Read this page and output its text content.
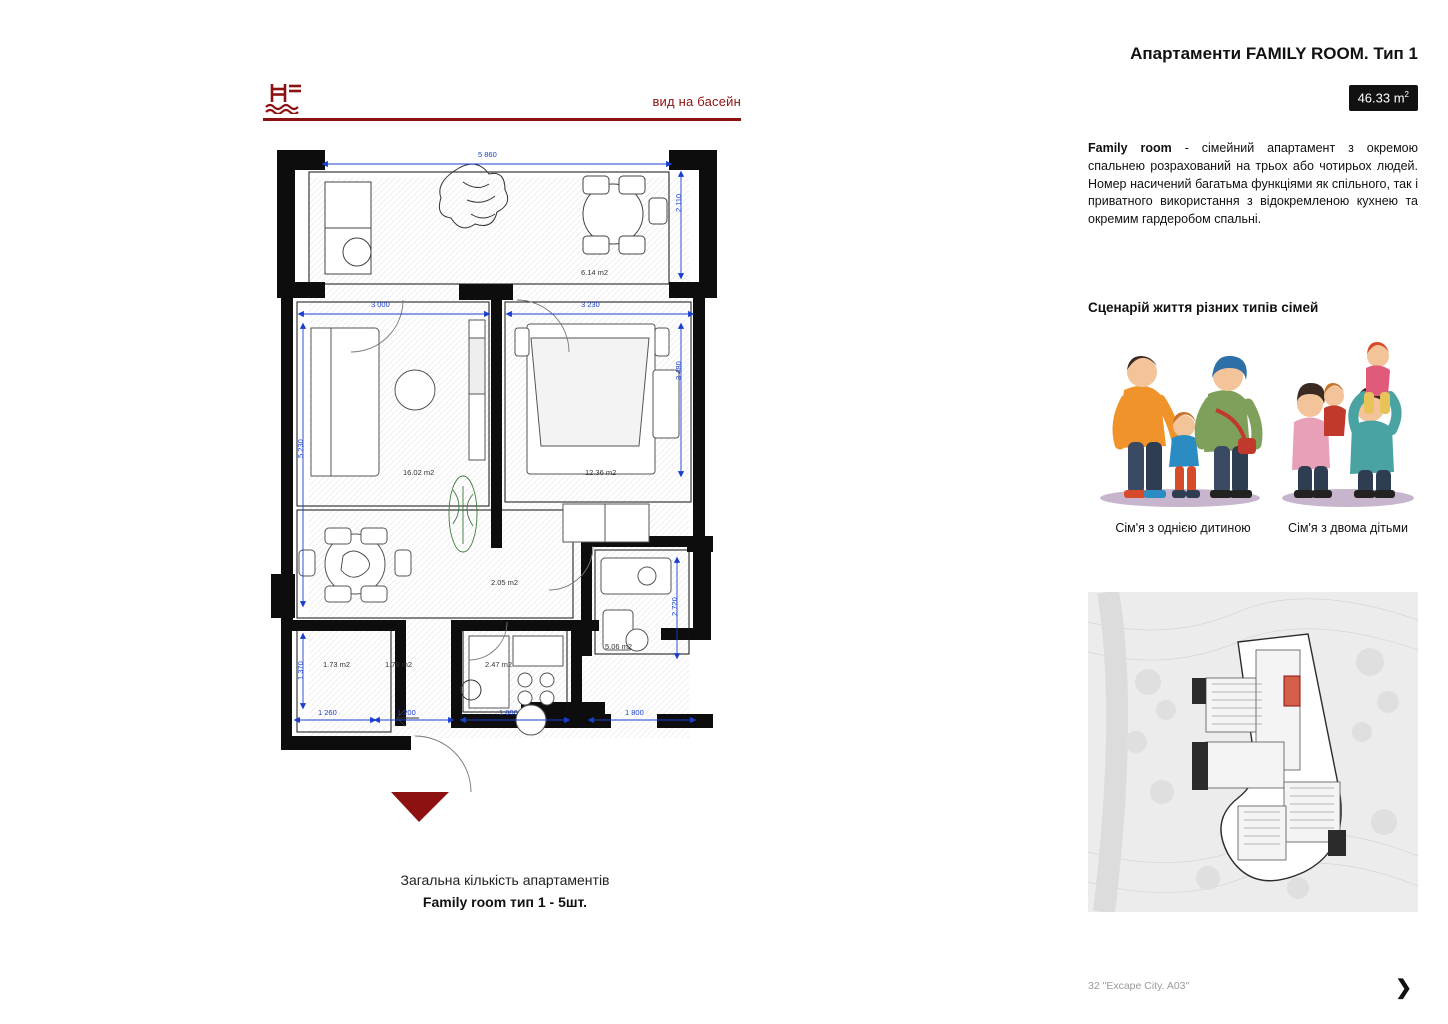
вид на басейн
5 860
2 110
3 000	3 230
3 480
5 230
2 720
1 370
1 260	1 200	1 800	1 800
6.14 m2
16.02 m2	12.36 m2
2.05 m2
5.06 m2
1.73 m2	1.79 m2	2.47 m2
Загальна кількість апартаментів
Family room тип 1 - 5шт.
Апартаменти FAMILY ROOM. Тип 1
46.33 $m^2$
Family room - сімейний апартамент з окремою спальнею розрахований на трьох або чотирьох людей. Номер насичений багатьма функціями як спільного, так і приватного використання з відокремленою кухнею та окремим гардеробом спальні.
Сценарій життя різних типів сімей
Сім'я з однією дитиною	Сім'я з двома дітьми
32 "Excape City. A03"	❯
